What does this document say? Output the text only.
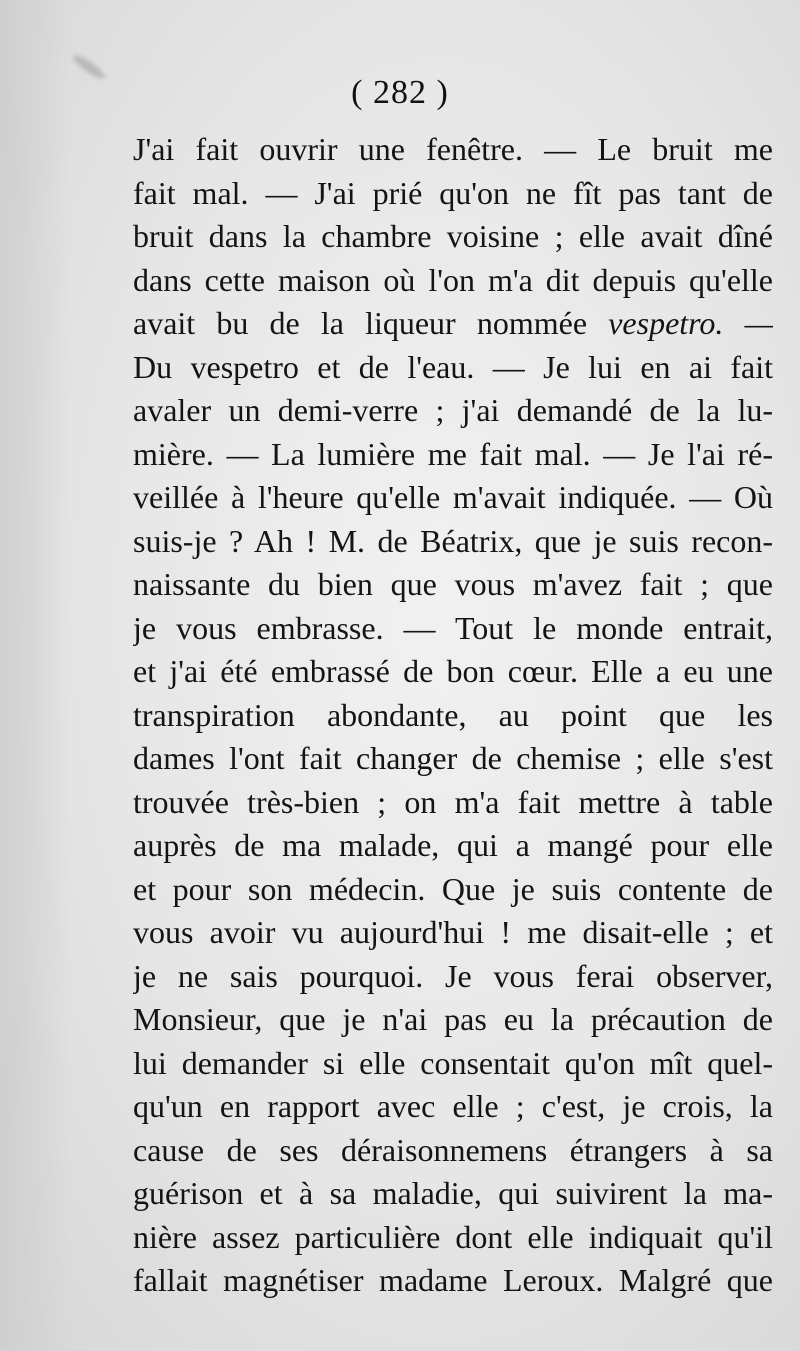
( 282 )
J'ai fait ouvrir une fenêtre. — Le bruit me
fait mal. — J'ai prié qu'on ne fît pas tant de
bruit dans la chambre voisine ; elle avait dîné
dans cette maison où l'on m'a dit depuis qu'elle
avait bu de la liqueur nommée vespetro. —
Du vespetro et de l'eau. — Je lui en ai fait
avaler un demi-verre ; j'ai demandé de la lu-
mière. — La lumière me fait mal. — Je l'ai ré-
veillée à l'heure qu'elle m'avait indiquée. — Où
suis-je ? Ah ! M. de Béatrix, que je suis recon-
naissante du bien que vous m'avez fait ; que
je vous embrasse. — Tout le monde entrait,
et j'ai été embrassé de bon cœur. Elle a eu une
transpiration abondante, au point que les
dames l'ont fait changer de chemise ; elle s'est
trouvée très-bien ; on m'a fait mettre à table
auprès de ma malade, qui a mangé pour elle
et pour son médecin. Que je suis contente de
vous avoir vu aujourd'hui ! me disait-elle ; et
je ne sais pourquoi. Je vous ferai observer,
Monsieur, que je n'ai pas eu la précaution de
lui demander si elle consentait qu'on mît quel-
qu'un en rapport avec elle ; c'est, je crois, la
cause de ses déraisonnemens étrangers à sa
guérison et à sa maladie, qui suivirent la ma-
nière assez particulière dont elle indiquait qu'il
fallait magnétiser madame Leroux. Malgré que
